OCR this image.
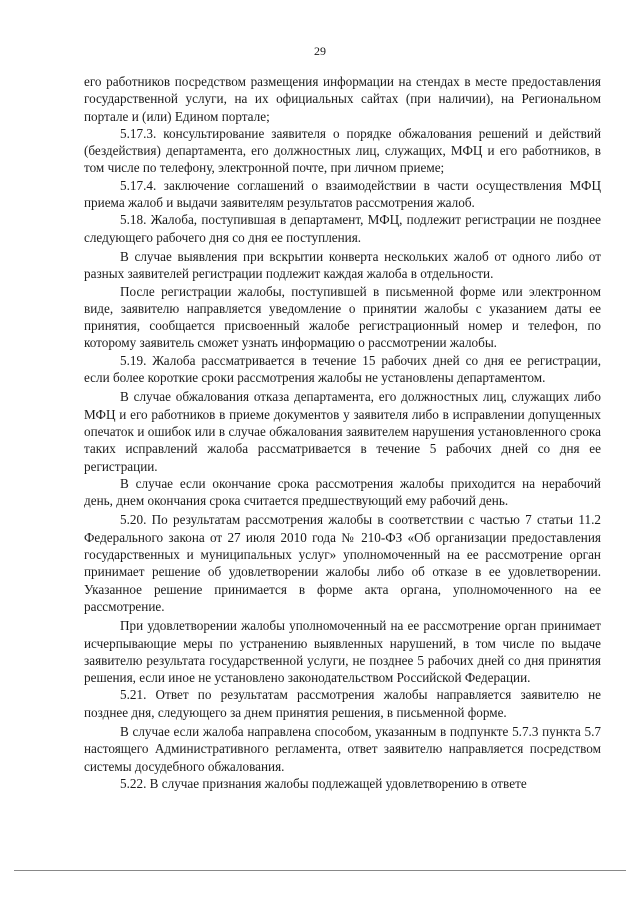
29

его работников посредством размещения информации на стендах в месте предоставления государственной услуги, на их официальных сайтах (при наличии), на Региональном портале и (или) Едином портале;

5.17.3. консультирование заявителя о порядке обжалования решений и действий (бездействия) департамента, его должностных лиц, служащих, МФЦ и его работников, в том числе по телефону, электронной почте, при личном приеме;

5.17.4. заключение соглашений о взаимодействии в части осуществления МФЦ приема жалоб и выдачи заявителям результатов рассмотрения жалоб.

5.18. Жалоба, поступившая в департамент, МФЦ, подлежит регистрации не позднее следующего рабочего дня со дня ее поступления.

В случае выявления при вскрытии конверта нескольких жалоб от одного либо от разных заявителей регистрации подлежит каждая жалоба в отдельности.

После регистрации жалобы, поступившей в письменной форме или электронном виде, заявителю направляется уведомление о принятии жалобы с указанием даты ее принятия, сообщается присвоенный жалобе регистрационный номер и телефон, по которому заявитель сможет узнать информацию о рассмотрении жалобы.

5.19. Жалоба рассматривается в течение 15 рабочих дней со дня ее регистрации, если более короткие сроки рассмотрения жалобы не установлены департаментом.

В случае обжалования отказа департамента, его должностных лиц, служащих либо МФЦ и его работников в приеме документов у заявителя либо в исправлении допущенных опечаток и ошибок или в случае обжалования заявителем нарушения установленного срока таких исправлений жалоба рассматривается в течение 5 рабочих дней со дня ее регистрации.

В случае если окончание срока рассмотрения жалобы приходится на нерабочий день, днем окончания срока считается предшествующий ему рабочий день.

5.20. По результатам рассмотрения жалобы в соответствии с частью 7 статьи 11.2 Федерального закона от 27 июля 2010 года № 210-ФЗ «Об организации предоставления государственных и муниципальных услуг» уполномоченный на ее рассмотрение орган принимает решение об удовлетворении жалобы либо об отказе в ее удовлетворении. Указанное решение принимается в форме акта органа, уполномоченного на ее рассмотрение.

При удовлетворении жалобы уполномоченный на ее рассмотрение орган принимает исчерпывающие меры по устранению выявленных нарушений, в том числе по выдаче заявителю результата государственной услуги, не позднее 5 рабочих дней со дня принятия решения, если иное не установлено законодательством Российской Федерации.

5.21. Ответ по результатам рассмотрения жалобы направляется заявителю не позднее дня, следующего за днем принятия решения, в письменной форме.

В случае если жалоба направлена способом, указанным в подпункте 5.7.3 пункта 5.7 настоящего Административного регламента, ответ заявителю направляется посредством системы досудебного обжалования.

5.22. В случае признания жалобы подлежащей удовлетворению в ответе
